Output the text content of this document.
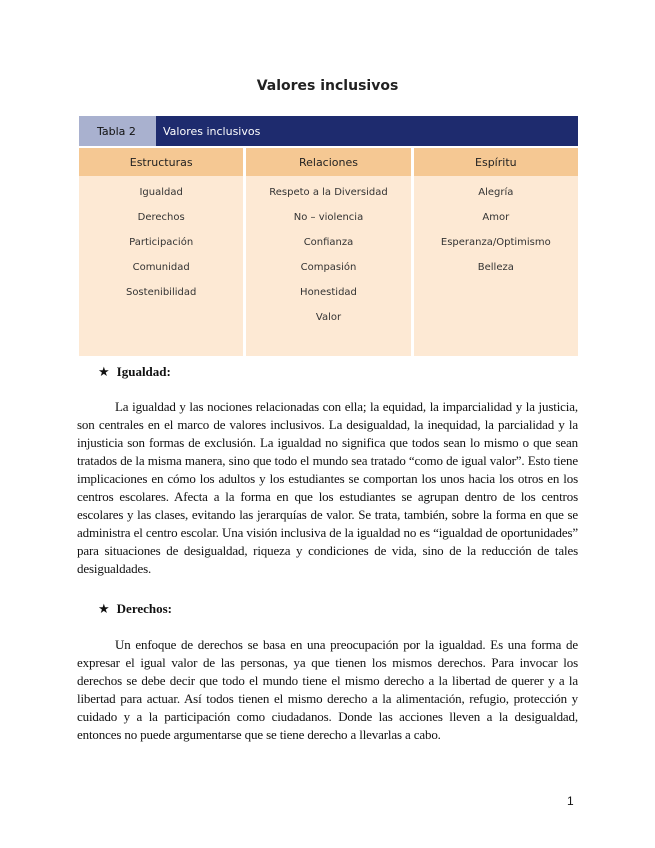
Valores inclusivos
Tabla 2	Valores inclusivos
Estructuras
Igualdad
Derechos
Participación
Comunidad
Sostenibilidad
Relaciones
Respeto a la Diversidad
No – violencia
Confianza
Compasión
Honestidad
Valor
Espíritu
Alegría
Amor
Esperanza/Optimismo
Belleza
★ Igualdad:

La igualdad y las nociones relacionadas con ella; la equidad, la imparcialidad y la justicia, son centrales en el marco de valores inclusivos. La desigualdad, la inequidad, la parcialidad y la injusticia son formas de exclusión. La igualdad no significa que todos sean lo mismo o que sean tratados de la misma manera, sino que todo el mundo sea tratado “como de igual valor”. Esto tiene implicaciones en cómo los adultos y los estudiantes se comportan los unos hacia los otros en los centros escolares. Afecta a la forma en que los estudiantes se agrupan dentro de los centros escolares y las clases, evitando las jerarquías de valor. Se trata, también, sobre la forma en que se administra el centro escolar. Una visión inclusiva de la igualdad no es “igualdad de oportunidades” para situaciones de desigualdad, riqueza y condiciones de vida, sino de la reducción de tales desigualdades.

★ Derechos:

Un enfoque de derechos se basa en una preocupación por la igualdad. Es una forma de expresar el igual valor de las personas, ya que tienen los mismos derechos. Para invocar los derechos se debe decir que todo el mundo tiene el mismo derecho a la libertad de querer y a la libertad para actuar. Así todos tienen el mismo derecho a la alimentación, refugio, protección y cuidado y a la participación como ciudadanos. Donde las acciones lleven a la desigualdad, entonces no puede argumentarse que se tiene derecho a llevarlas a cabo.

1
